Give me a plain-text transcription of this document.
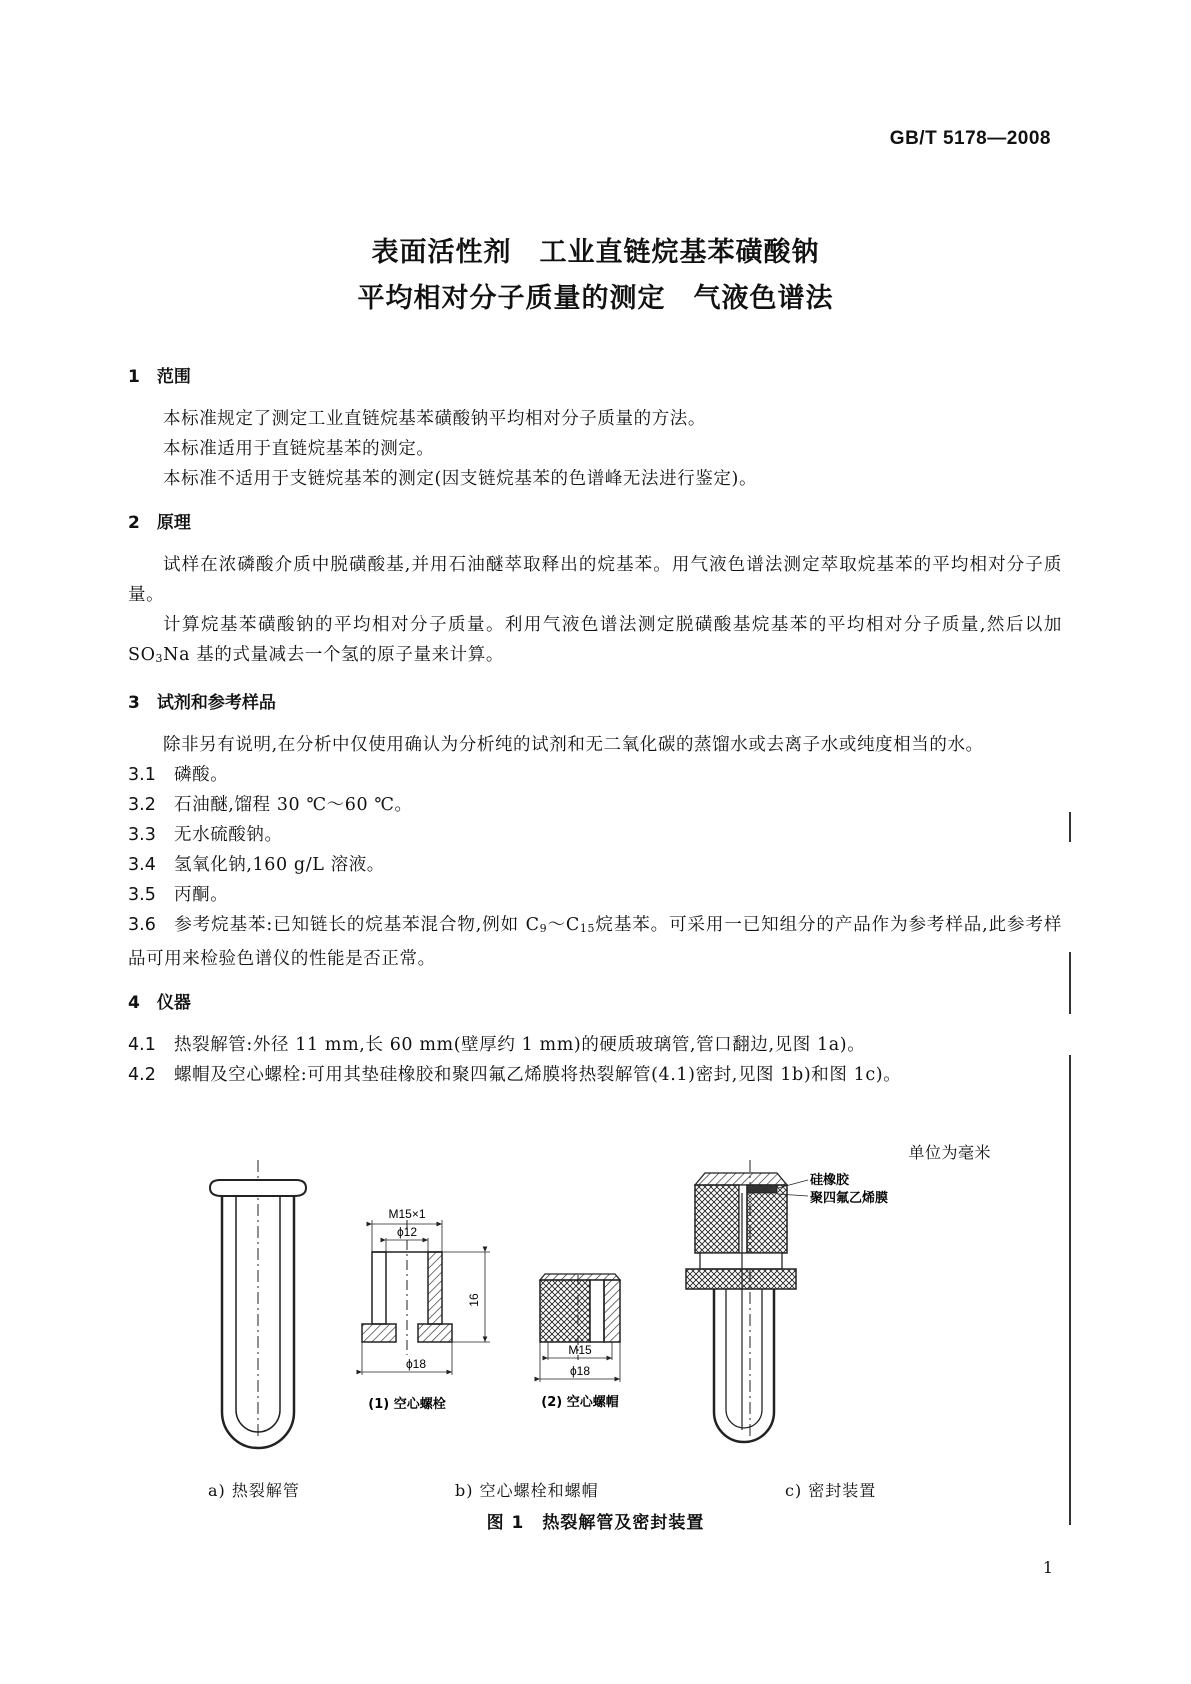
GB/T 5178—2008
表面活性剂　工业直链烷基苯磺酸钠
平均相对分子质量的测定　气液色谱法
1　范围
本标准规定了测定工业直链烷基苯磺酸钠平均相对分子质量的方法。
本标准适用于直链烷基苯的测定。
本标准不适用于支链烷基苯的测定(因支链烷基苯的色谱峰无法进行鉴定)。
2　原理
试样在浓磷酸介质中脱磺酸基,并用石油醚萃取释出的烷基苯。用气液色谱法测定萃取烷基苯的平均相对分子质量。
计算烷基苯磺酸钠的平均相对分子质量。利用气液色谱法测定脱磺酸基烷基苯的平均相对分子质量,然后以加 SO3Na 基的式量减去一个氢的原子量来计算。
3　试剂和参考样品
除非另有说明,在分析中仅使用确认为分析纯的试剂和无二氧化碳的蒸馏水或去离子水或纯度相当的水。
3.1 磷酸。
3.2 石油醚,馏程 30 ℃～60 ℃。
3.3 无水硫酸钠。
3.4 氢氧化钠,160 g/L 溶液。
3.5 丙酮。
3.6 参考烷基苯:已知链长的烷基苯混合物,例如 C9～C15烷基苯。可采用一已知组分的产品作为参考样品,此参考样品可用来检验色谱仪的性能是否正常。
4　仪器
4.1 热裂解管:外径 11 mm,长 60 mm(壁厚约 1 mm)的硬质玻璃管,管口翻边,见图 1a)。
4.2 螺帽及空心螺栓:可用其垫硅橡胶和聚四氟乙烯膜将热裂解管(4.1)密封,见图 1b)和图 1c)。
单位为毫米
M15×1
ϕ12
16
ϕ18
(1) 空心螺栓
M15
ϕ18
(2) 空心螺帽
硅橡胶
聚四氟乙烯膜
a) 热裂解管	b) 空心螺栓和螺帽	c) 密封装置
图 1　热裂解管及密封装置
1
